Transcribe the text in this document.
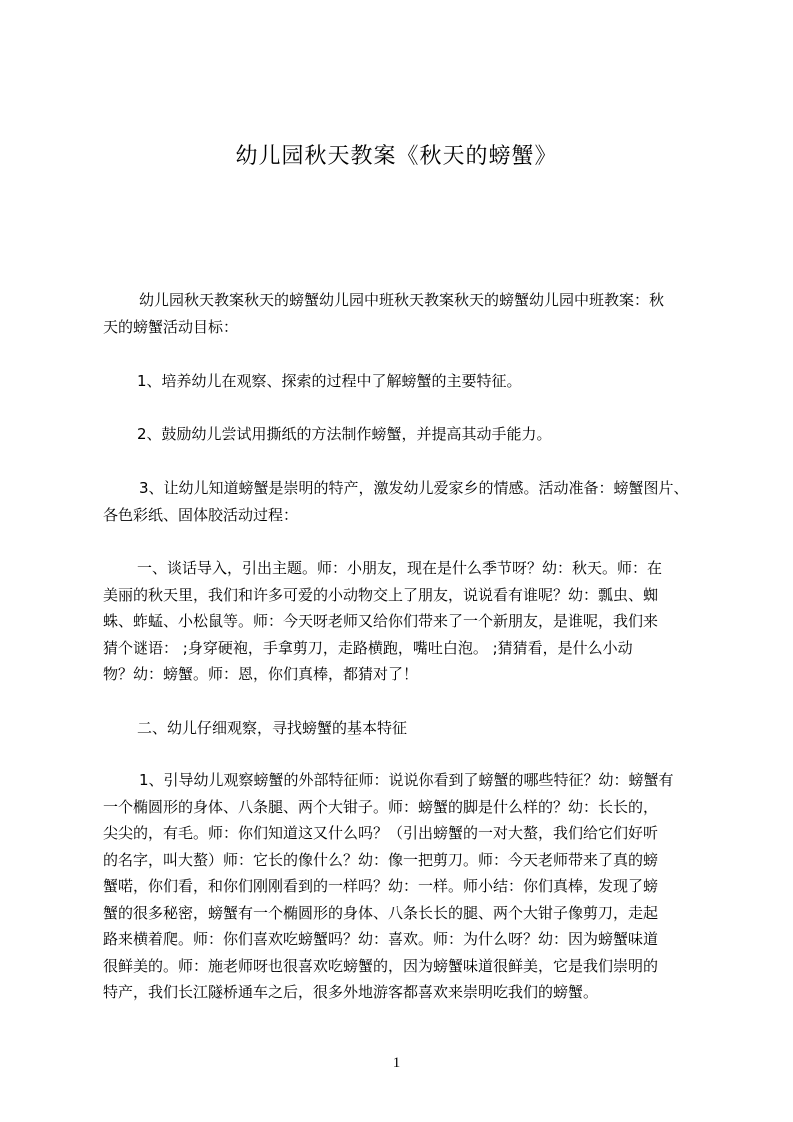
幼儿园秋天教案《秋天的螃蟹》
幼儿园秋天教案秋天的螃蟹幼儿园中班秋天教案秋天的螃蟹幼儿园中班教案：秋
天的螃蟹活动目标：
1、培养幼儿在观察、探索的过程中了解螃蟹的主要特征。
2、鼓励幼儿尝试用撕纸的方法制作螃蟹，并提高其动手能力。
3、让幼儿知道螃蟹是崇明的特产，激发幼儿爱家乡的情感。活动准备：螃蟹图片、
各色彩纸、固体胶活动过程：
一、谈话导入，引出主题。师：小朋友，现在是什么季节呀？幼：秋天。师：在
美丽的秋天里，我们和许多可爱的小动物交上了朋友，说说看有谁呢？幼：瓢虫、蜘
蛛、蚱蜢、小松鼠等。师：今天呀老师又给你们带来了一个新朋友，是谁呢，我们来
猜个谜语： ;身穿硬袍，手拿剪刀，走路横跑，嘴吐白泡。 ;猜猜看，是什么小动
物？幼：螃蟹。师：恩，你们真棒，都猜对了！
二、幼儿仔细观察，寻找螃蟹的基本特征
1、引导幼儿观察螃蟹的外部特征师：说说你看到了螃蟹的哪些特征？幼：螃蟹有
一个椭圆形的身体、八条腿、两个大钳子。师：螃蟹的脚是什么样的？幼：长长的，
尖尖的，有毛。师：你们知道这又什么吗？（引出螃蟹的一对大螯，我们给它们好听
的名字，叫大螯）师：它长的像什么？幼：像一把剪刀。师：今天老师带来了真的螃
蟹喏，你们看，和你们刚刚看到的一样吗？幼：一样。师小结：你们真棒，发现了螃
蟹的很多秘密，螃蟹有一个椭圆形的身体、八条长长的腿、两个大钳子像剪刀，走起
路来横着爬。师：你们喜欢吃螃蟹吗？幼：喜欢。师：为什么呀？幼：因为螃蟹味道
很鲜美的。师：施老师呀也很喜欢吃螃蟹的，因为螃蟹味道很鲜美，它是我们崇明的
特产，我们长江隧桥通车之后，很多外地游客都喜欢来崇明吃我们的螃蟹。
1
